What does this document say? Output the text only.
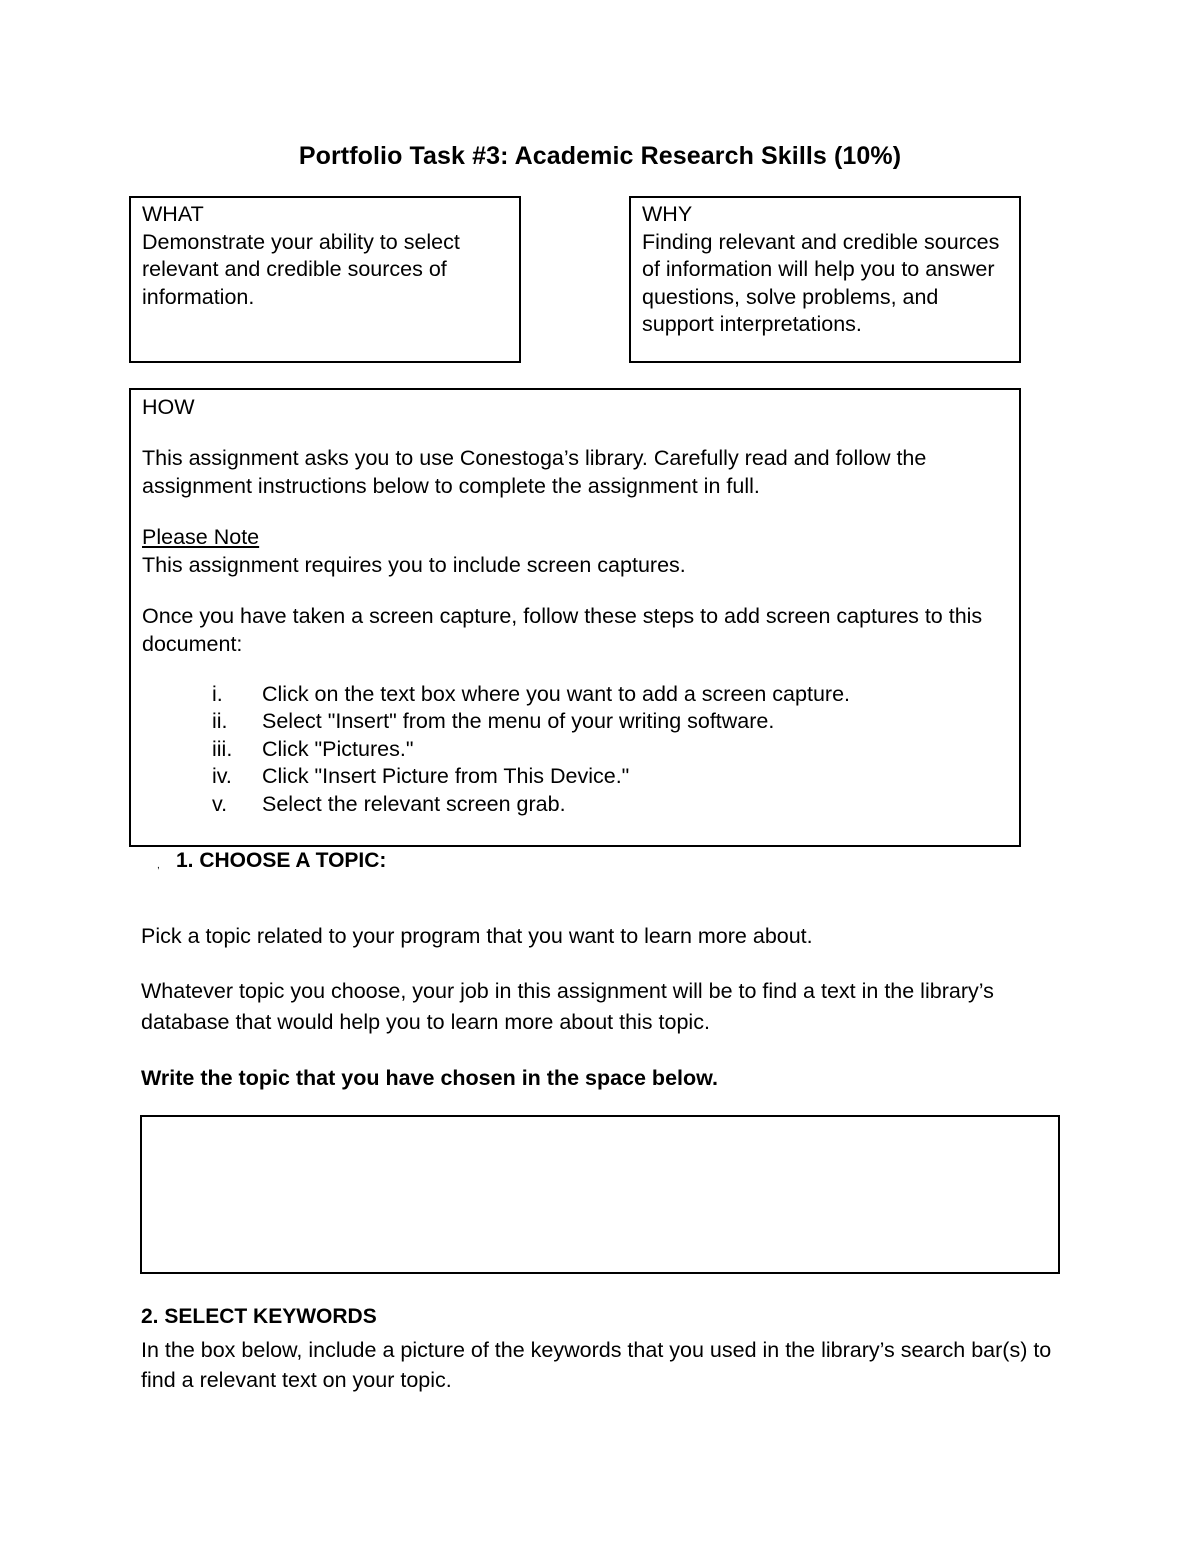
Portfolio Task #3: Academic Research Skills (10%)

WHAT

Demonstrate your ability to select relevant and credible sources of information.

WHY

Finding relevant and credible sources of information will help you to answer questions, solve problems, and support interpretations.

HOW

This assignment asks you to use Conestoga’s library. Carefully read and follow the assignment instructions below to complete the assignment in full.

Please Note

This assignment requires you to include screen captures.

Once you have taken a screen capture, follow these steps to add screen captures to this document:

i. Click on the text box where you want to add a screen capture.
ii. Select "Insert" from the menu of your writing software.
iii. Click "Pictures."
iv. Click "Insert Picture from This Device."
v. Select the relevant screen grab.
, 1. CHOOSE A TOPIC:
Pick a topic related to your program that you want to learn more about.
Whatever topic you choose, your job in this assignment will be to find a text in the library’s database that would help you to learn more about this topic.
Write the topic that you have chosen in the space below.
2. SELECT KEYWORDS
In the box below, include a picture of the keywords that you used in the library’s search bar(s) to find a relevant text on your topic.
